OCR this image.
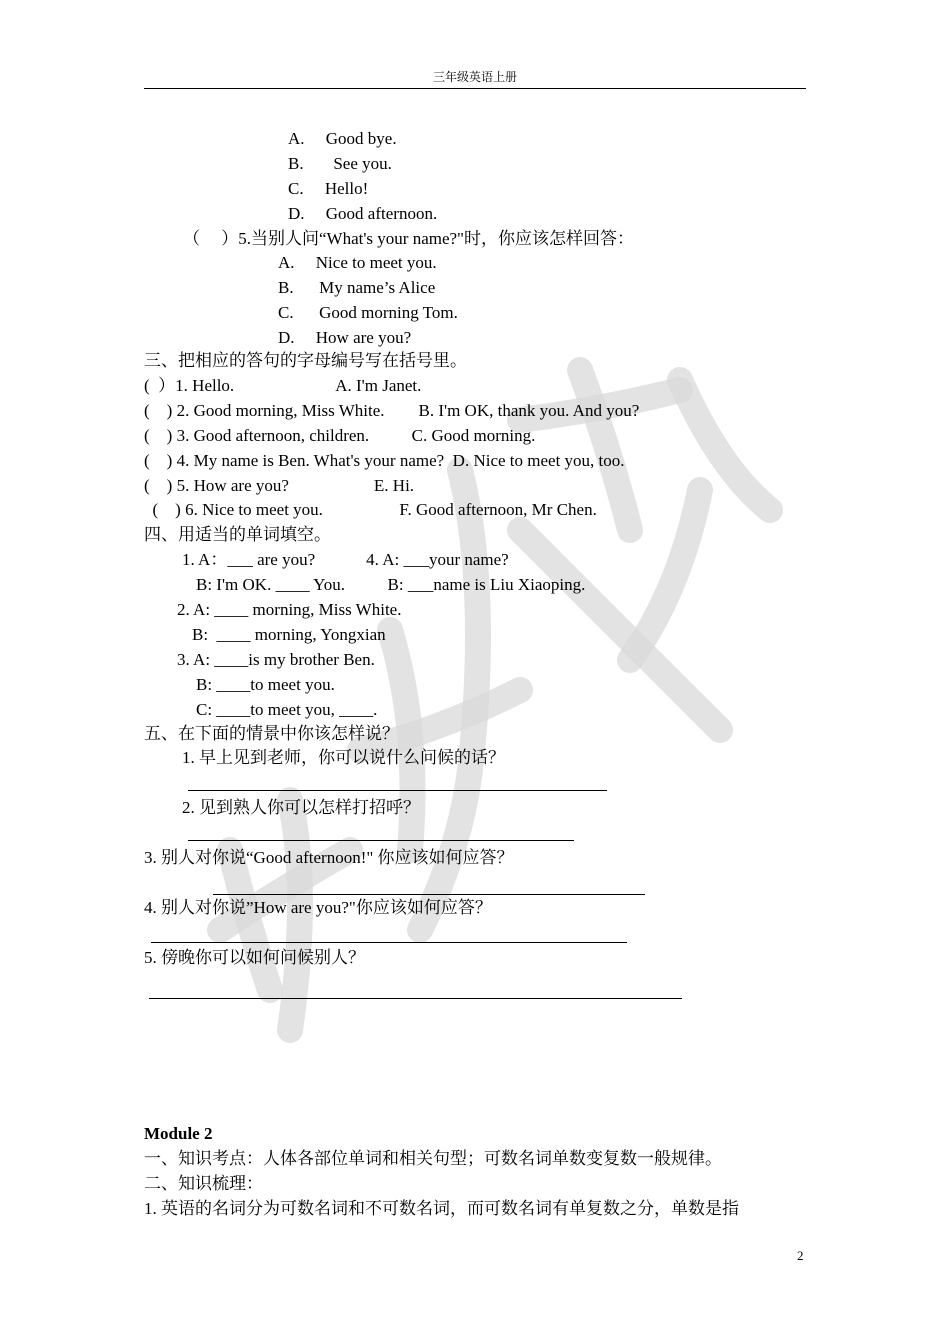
三年级英语上册
A.     Good bye.
B.       See you.
C.     Hello!
D.     Good afternoon.
（     ）5.当别人问“What's your name?"时，你应该怎样回答：
A.     Nice to meet you.
B.      My name’s Alice
C.      Good morning Tom.
D.     How are you?
三、把相应的答句的字母编号写在括号里。
(  ）1. Hello.                        A. I'm Janet.
(    ) 2. Good morning, Miss White.        B. I'm OK, thank you. And you?
(    ) 3. Good afternoon, children.          C. Good morning.
(    ) 4. My name is Ben. What's your name?  D. Nice to meet you, too.
(    ) 5. How are you?                    E. Hi.
(    ) 6. Nice to meet you.                  F. Good afternoon, Mr Chen.
四、用适当的单词填空。
1. A：___ are you?            4. A: ___your name?
B: I'm OK. ____ You.          B: ___name is Liu Xiaoping.
2. A: ____ morning, Miss White.
B:  ____ morning, Yongxian
3. A: ____is my brother Ben.
B: ____to meet you.
C: ____to meet you, ____.
五、在下面的情景中你该怎样说？
1. 早上见到老师，你可以说什么问候的话？
2. 见到熟人你可以怎样打招呼？
3. 别人对你说“Good afternoon!" 你应该如何应答？
4. 别人对你说”How are you?"你应该如何应答？
5. 傍晚你可以如何问候别人？
Module 2
一、知识考点：人体各部位单词和相关句型；可数名词单数变复数一般规律。
二、知识梳理：
1. 英语的名词分为可数名词和不可数名词，而可数名词有单复数之分，单数是指
2
